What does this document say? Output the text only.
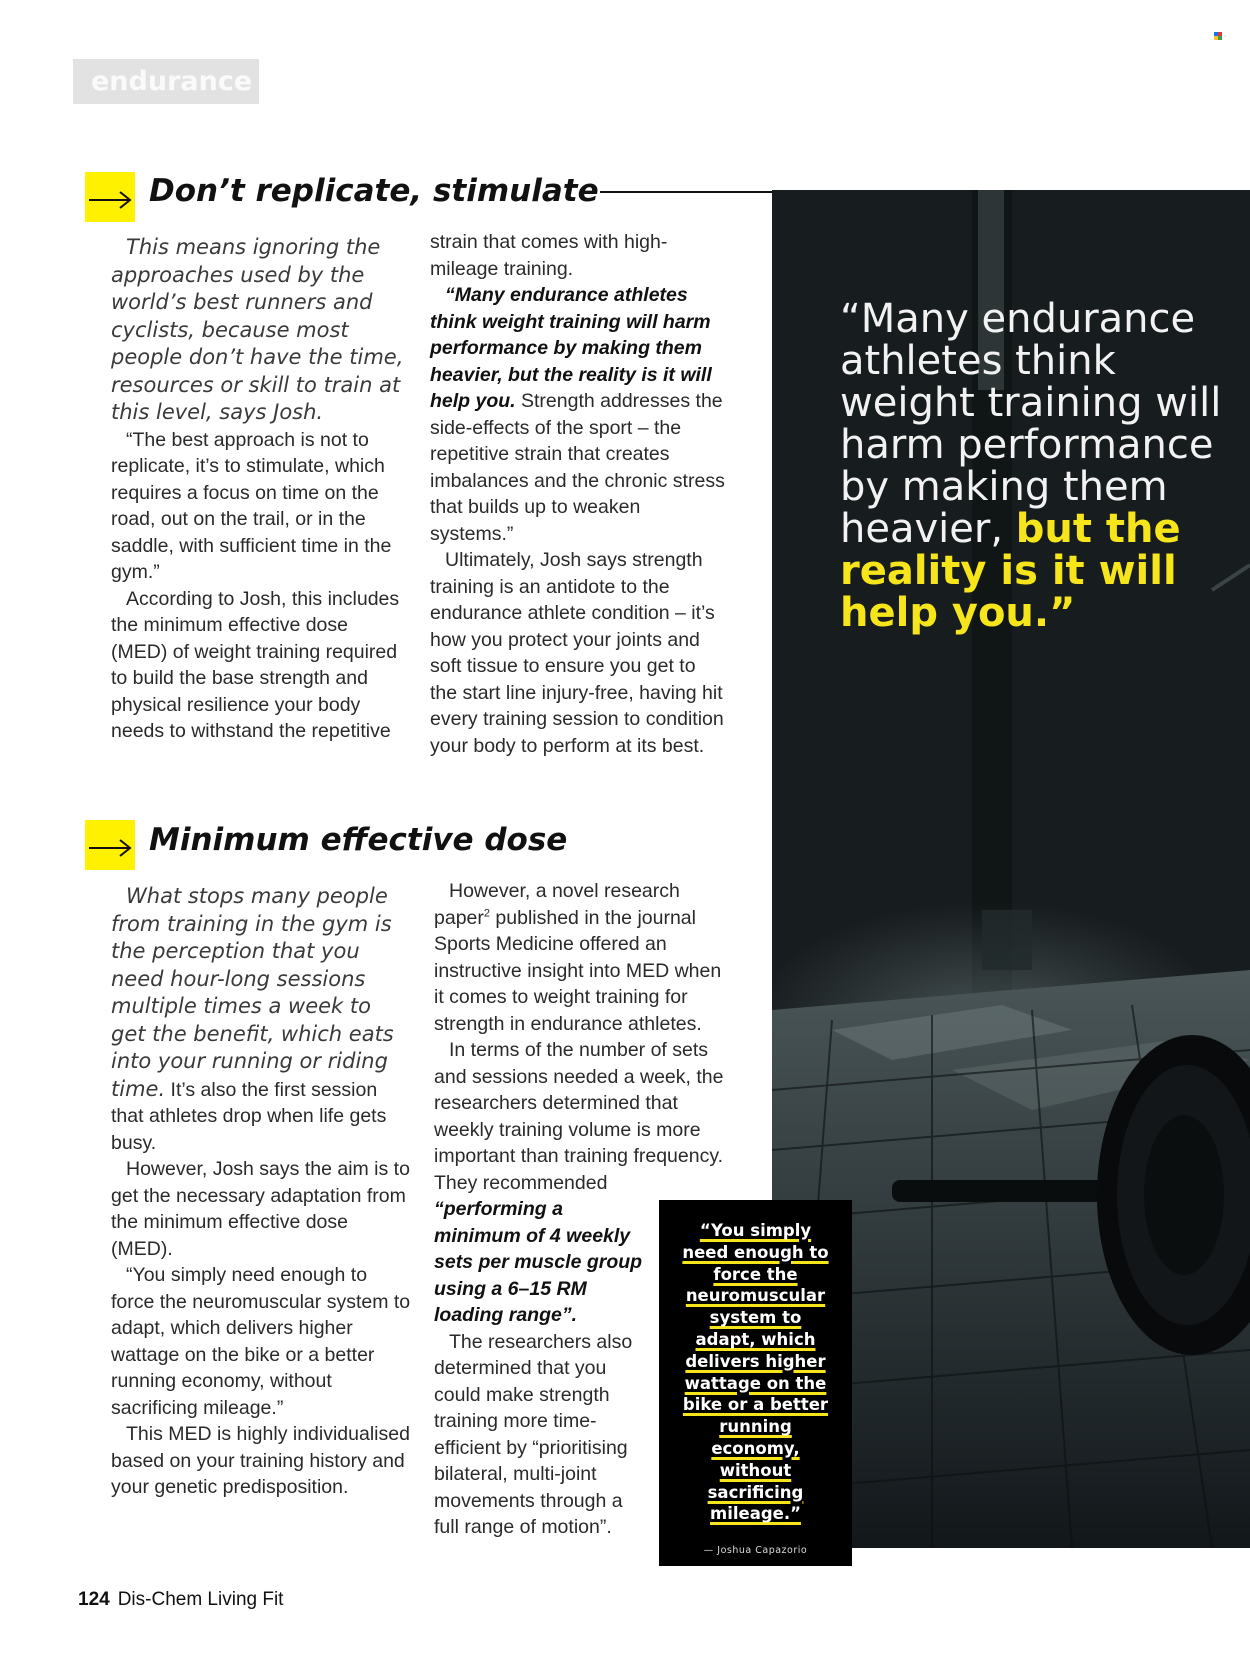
endurance
“Many endurance athletes think weight training will harm performance by making them heavier, but the reality is it will help you.”
Don’t replicate, stimulate

This means ignoring the approaches used by the world’s best runners and cyclists, because most people don’t have the time, resources or skill to train at this level, says Josh.

“The best approach is not to replicate, it’s to stimulate, which requires a focus on time on the road, out on the trail, or in the saddle, with sufficient time in the gym.”

According to Josh, this includes the minimum effective dose (MED) of weight training required to build the base strength and physical resilience your body needs to withstand the repetitive

strain that comes with high-mileage training.

“Many endurance athletes think weight training will harm performance by making them heavier, but the reality is it will help you. Strength addresses the side-effects of the sport – the repetitive strain that creates imbalances and the chronic stress that builds up to weaken systems.”

Ultimately, Josh says strength training is an antidote to the endurance athlete condition – it’s how you protect your joints and soft tissue to ensure you get to the start line injury-free, having hit every training session to condition your body to perform at its best.

Minimum effective dose

What stops many people from training in the gym is the perception that you need hour-long sessions multiple times a week to get the benefit, which eats into your running or riding time. It’s also the first session that athletes drop when life gets busy.

However, Josh says the aim is to get the necessary adaptation from the minimum effective dose (MED).

“You simply need enough to force the neuromuscular system to adapt, which delivers higher wattage on the bike or a better running economy, without sacrificing mileage.”

This MED is highly individualised based on your training history and your genetic predisposition.

However, a novel research paper$^2$ published in the journal Sports Medicine offered an instructive insight into MED when it comes to weight training for strength in endurance athletes.

In terms of the number of sets and sessions needed a week, the researchers determined that weekly training volume is more important than training frequency. They recommended

“performing a minimum of 4 weekly sets per muscle group using a 6–15 RM loading range”.

The researchers also determined that you could make strength training more time-efficient by “prioritising bilateral, multi-joint movements through a full range of motion”.

“You simply need enough to force the neuromuscular system to adapt, which delivers higher wattage on the bike or a better running economy, without sacrificing mileage.”
— Joshua Capazorio
124 Dis-Chem Living Fit
